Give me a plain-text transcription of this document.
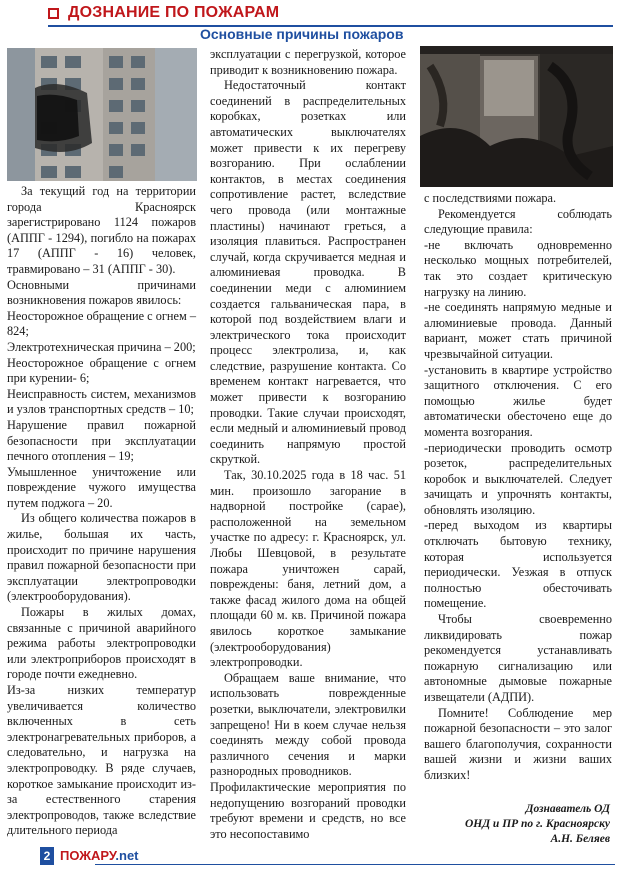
ДОЗНАНИЕ ПО ПОЖАРАМ
Основные причины пожаров

За текущий год на территории города Красноярск зарегистрировано 1124 пожаров (АППГ - 1294), погибло на пожарах 17 (АППГ - 16) человек, травмировано – 31 (АППГ - 30).

Основными причинами возникновения пожаров явилось:

Неосторожное обращение с огнем – 824;

Электротехническая причина – 200;

Неосторожное обращение с огнем при курении- 6;

Неисправность систем, механизмов и узлов транспортных средств – 10;

Нарушение правил пожарной безопасности при эксплуатации печного отопления – 19;

Умышленное уничтожение или повреждение чужого имущества путем поджога – 20.

Из общего количества пожаров в жилье, большая их часть, происходит по причине нарушения правил пожарной безопасности при эксплуатации электропроводки (электрооборудования).

Пожары в жилых домах, связанные с причиной аварийного режима работы электропроводки или электроприборов происходят в городе почти ежедневно.

Из-за низких температур увеличивается количество включенных в сеть электронагревательных приборов, а следовательно, и нагрузка на электропроводку. В ряде случаев, короткое замыкание происходит из-за естественного старения электропроводов, также вследствие длительного периода

эксплуатации с перегрузкой, которое приводит к возникновению пожара.

Недостаточный контакт соединений в распределительных коробках, розетках или автоматических выключателях может привести к их перегреву возгоранию. При ослаблении контактов, в местах соединения сопротивление растет, вследствие чего провода (или монтажные пластины) начинают греться, а изоляция плавиться. Распространен случай, когда скручивается медная и алюминиевая проводка. В соединении меди с алюминием создается гальваническая пара, в которой под воздействием влаги и электрического тока происходит процесс электролиза, и, как следствие, разрушение контакта. Со временем контакт нагревается, что может привести к возгоранию проводки. Такие случаи происходят, если медный и алюминиевый провод соединить напрямую простой скруткой.

Так, 30.10.2025 года в 18 час. 51 мин. произошло загорание в надворной постройке (сарае), расположенной на земельном участке по адресу: г. Красноярск, ул. Любы Шевцовой, в результате пожара уничтожен сарай, повреждены: баня, летний дом, а также фасад жилого дома на общей площади 60 м. кв. Причиной пожара явилось короткое замыкание (электрооборудования) электропроводки.

Обращаем ваше внимание, что использовать поврежденные розетки, выключатели, электровилки запрещено! Ни в коем случае нельзя соединять между собой провода различного сечения и марки разнородных проводников.

Профилактические мероприятия по недопущению возгораний проводки требуют времени и средств, но все это несопоставимо

с последствиями пожара.

Рекомендуется соблюдать следующие правила:

-не включать одновременно несколько мощных потребителей, так это создает критическую нагрузку на линию.

-не соединять напрямую медные и алюминиевые провода. Данный вариант, может стать причиной чрезвычайной ситуации.

-установить в квартире устройство защитного отключения. С его помощью жилье будет автоматически обесточено еще до момента возгорания.

-периодически проводить осмотр розеток, распределительных коробок и выключателей. Следует зачищать и упрочнять контакты, обновлять изоляцию.

-перед выходом из квартиры отключать бытовую технику, которая используется периодически. Уезжая в отпуск полностью обесточивать помещение.

Чтобы своевременно ликвидировать пожар рекомендуется устанавливать пожарную сигнализацию или автономные дымовые пожарные извещатели (АДПИ).

Помните! Соблюдение мер пожарной безопасности – это залог вашего благополучия, сохранности вашей жизни и жизни ваших близких!

Дознаватель ОД
ОНД и ПР по г. Красноярску
А.Н. Беляев
2 ПОЖАРУ.net
